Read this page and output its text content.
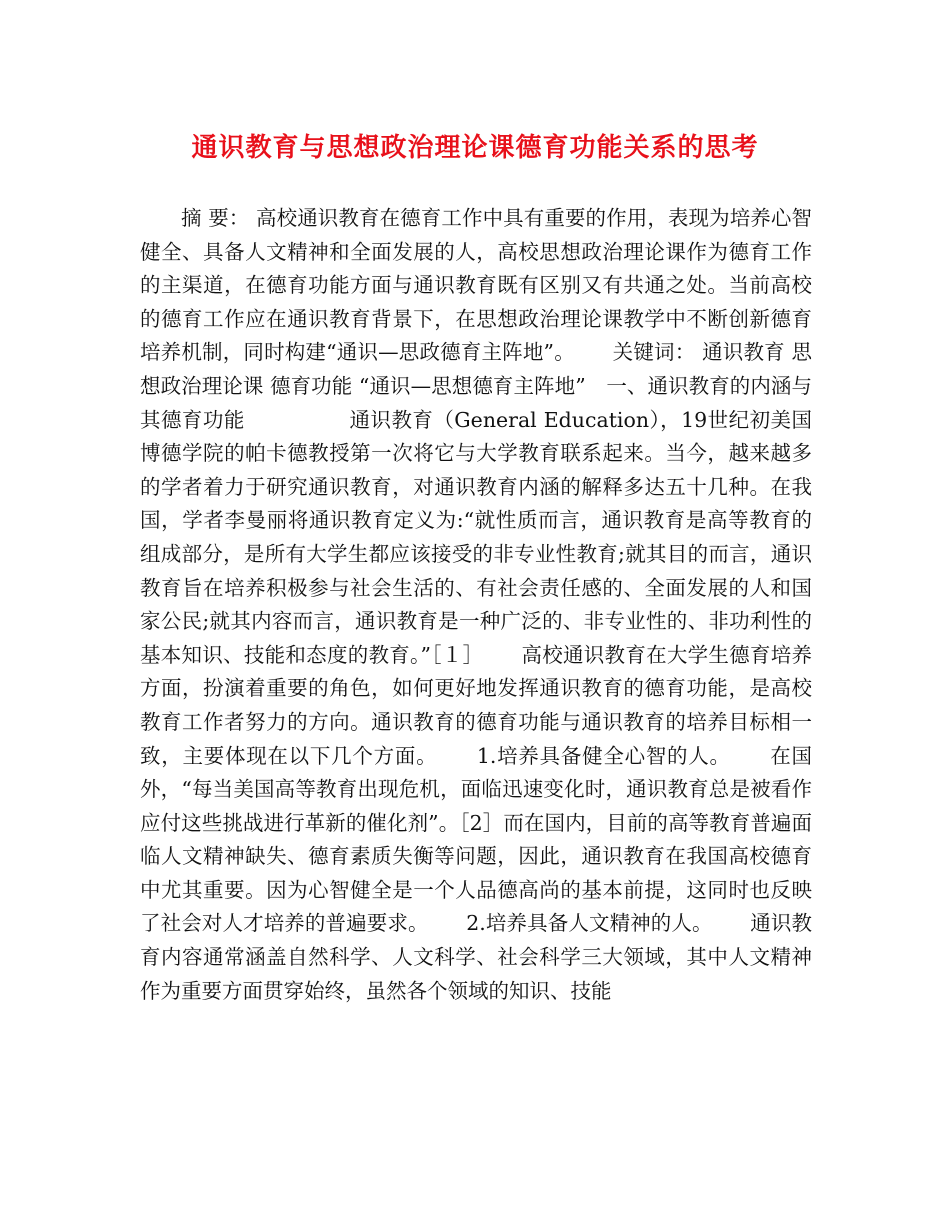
通识教育与思想政治理论课德育功能关系的思考

摘 要： 高校通识教育在德育工作中具有重要的作用，表现为培养心智健全、具备人文精神和全面发展的人，高校思想政治理论课作为德育工作的主渠道，在德育功能方面与通识教育既有区别又有共通之处。当前高校的德育工作应在通识教育背景下，在思想政治理论课教学中不断创新德育培养机制，同时构建“通识—思政德育主阵地”。　　 关键词： 通识教育 思想政治理论课 德育功能 “通识—思想德育主阵地”　一、通识教育的内涵与其德育功能　　　　　通识教育（General Education），19世纪初美国博德学院的帕卡德教授第一次将它与大学教育联系起来。当今，越来越多的学者着力于研究通识教育，对通识教育内涵的解释多达五十几种。在我国，学者李曼丽将通识教育定义为:“就性质而言，通识教育是高等教育的组成部分，是所有大学生都应该接受的非专业性教育;就其目的而言，通识教育旨在培养积极参与社会生活的、有社会责任感的、全面发展的人和国家公民;就其内容而言，通识教育是一种广泛的、非专业性的、非功利性的基本知识、技能和态度的教育。”［１］　　 高校通识教育在大学生德育培养方面，扮演着重要的角色，如何更好地发挥通识教育的德育功能，是高校教育工作者努力的方向。通识教育的德育功能与通识教育的培养目标相一致，主要体现在以下几个方面。　　 1.培养具备健全心智的人。　　 在国外，“每当美国高等教育出现危机，面临迅速变化时，通识教育总是被看作应付这些挑战进行革新的催化剂”。［2］而在国内，目前的高等教育普遍面临人文精神缺失、德育素质失衡等问题，因此，通识教育在我国高校德育中尤其重要。因为心智健全是一个人品德高尚的基本前提，这同时也反映了社会对人才培养的普遍要求。　　 2.培养具备人文精神的人。　　 通识教育内容通常涵盖自然科学、人文科学、社会科学三大领域，其中人文精神作为重要方面贯穿始终，虽然各个领域的知识、技能
